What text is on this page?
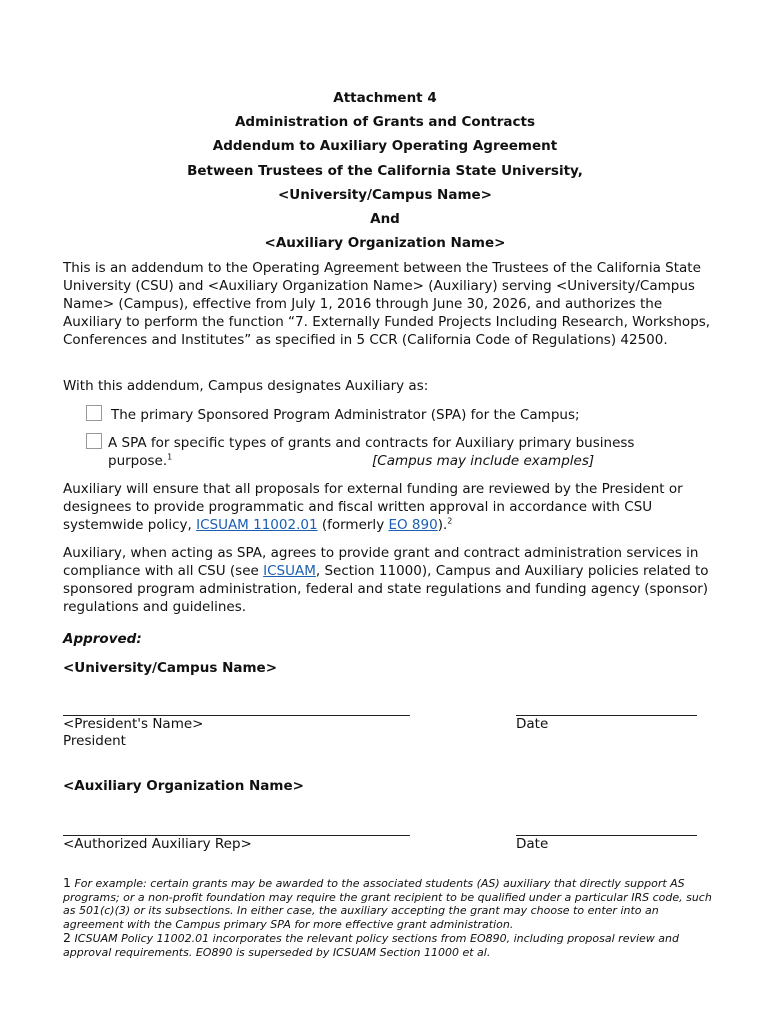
Attachment 4
Administration of Grants and Contracts
Addendum to Auxiliary Operating Agreement
Between Trustees of the California State University,
<University/Campus Name>
And
<Auxiliary Organization Name>
This is an addendum to the Operating Agreement between the Trustees of the California State University (CSU) and <Auxiliary Organization Name> (Auxiliary) serving <University/Campus Name> (Campus), effective from July 1, 2016 through June 30, 2026, and authorizes the Auxiliary to perform the function “7. Externally Funded Projects Including Research, Workshops, Conferences and Institutes” as specified in 5 CCR (California Code of Regulations) 42500.
With this addendum, Campus designates Auxiliary as:
The primary Sponsored Program Administrator (SPA) for the Campus;
A SPA for specific types of grants and contracts for Auxiliary primary business
purpose.$^1$	[Campus may include examples]
Auxiliary will ensure that all proposals for external funding are reviewed by the President or designees to provide programmatic and fiscal written approval in accordance with CSU systemwide policy, ICSUAM 11002.01 (formerly EO 890).$^2$
Auxiliary, when acting as SPA, agrees to provide grant and contract administration services in compliance with all CSU (see ICSUAM, Section 11000), Campus and Auxiliary policies related to sponsored program administration, federal and state regulations and funding agency (sponsor) regulations and guidelines.
Approved:
<University/Campus Name>
<President's Name>	Date
President
<Auxiliary Organization Name>
<Authorized Auxiliary Rep>	Date
1 For example: certain grants may be awarded to the associated students (AS) auxiliary that directly support AS programs; or a non-profit foundation may require the grant recipient to be qualified under a particular IRS code, such as 501(c)(3) or its subsections. In either case, the auxiliary accepting the grant may choose to enter into an agreement with the Campus primary SPA for more effective grant administration.
2 ICSUAM Policy 11002.01 incorporates the relevant policy sections from EO890, including proposal review and approval requirements. EO890 is superseded by ICSUAM Section 11000 et al.
